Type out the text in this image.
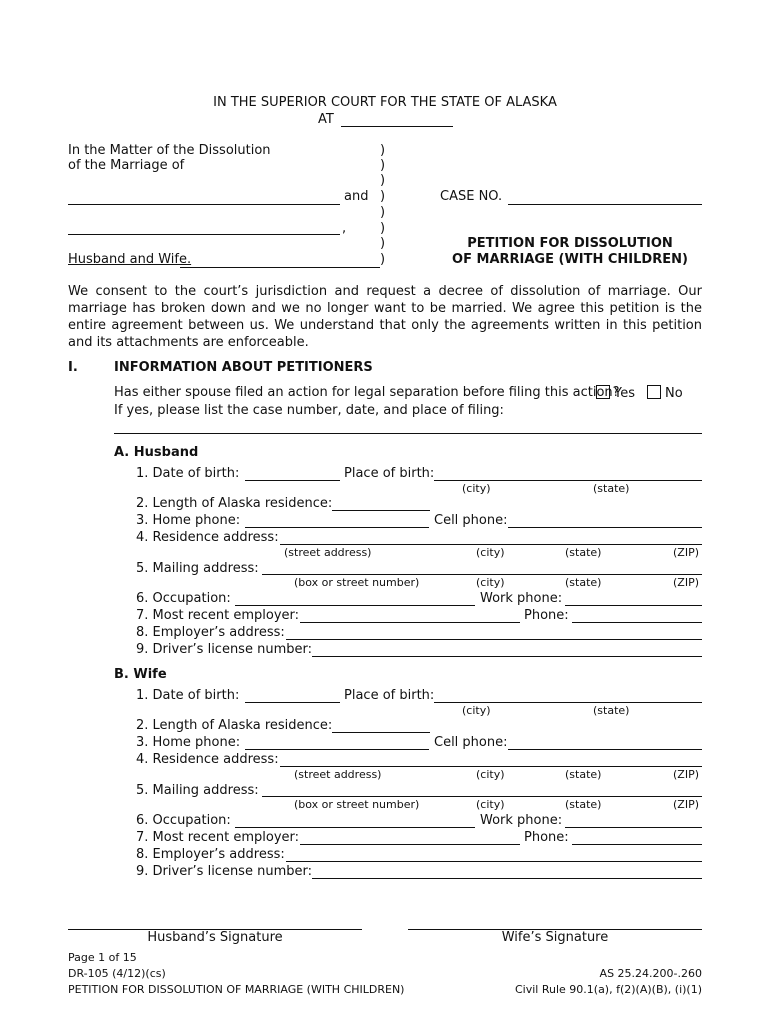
IN THE SUPERIOR COURT FOR THE STATE OF ALASKA
AT
In the Matter of the Dissolution
of the Marriage of
and
,
Husband and Wife.
)
)
)
)
)
)
)
)
CASE NO.
PETITION FOR DISSOLUTION
OF MARRIAGE (WITH CHILDREN)
We consent to the court’s jurisdiction and request a decree of dissolution of marriage. Our marriage has broken down and we no longer want to be married. We agree this petition is the entire agreement between us. We understand that only the agreements written in this petition and its attachments are enforceable.
I.	INFORMATION ABOUT PETITIONERS
Has either spouse filed an action for legal separation before filing this action?
Yes	No
If yes, please list the case number, date, and place of filing:
A. Husband
1. Date of birth:	Place of birth:
(city)	(state)
2. Length of Alaska residence:
3. Home phone:	Cell phone:
4. Residence address:
(street address)	(city)	(state)	(ZIP)
5. Mailing address:
(box or street number)	(city)	(state)	(ZIP)
6. Occupation:	Work phone:
7. Most recent employer:	Phone:
8. Employer’s address:
9. Driver’s license number:
B. Wife
1. Date of birth:	Place of birth:
(city)	(state)
2. Length of Alaska residence:
3. Home phone:	Cell phone:
4. Residence address:
(street address)	(city)	(state)	(ZIP)
5. Mailing address:
(box or street number)	(city)	(state)	(ZIP)
6. Occupation:	Work phone:
7. Most recent employer:	Phone:
8. Employer’s address:
9. Driver’s license number:
Husband’s Signature	Wife’s Signature
Page 1 of 15
DR-105 (4/12)(cs)
PETITION FOR DISSOLUTION OF MARRIAGE (WITH CHILDREN)
AS 25.24.200-.260
Civil Rule 90.1(a), f(2)(A)(B), (i)(1)
